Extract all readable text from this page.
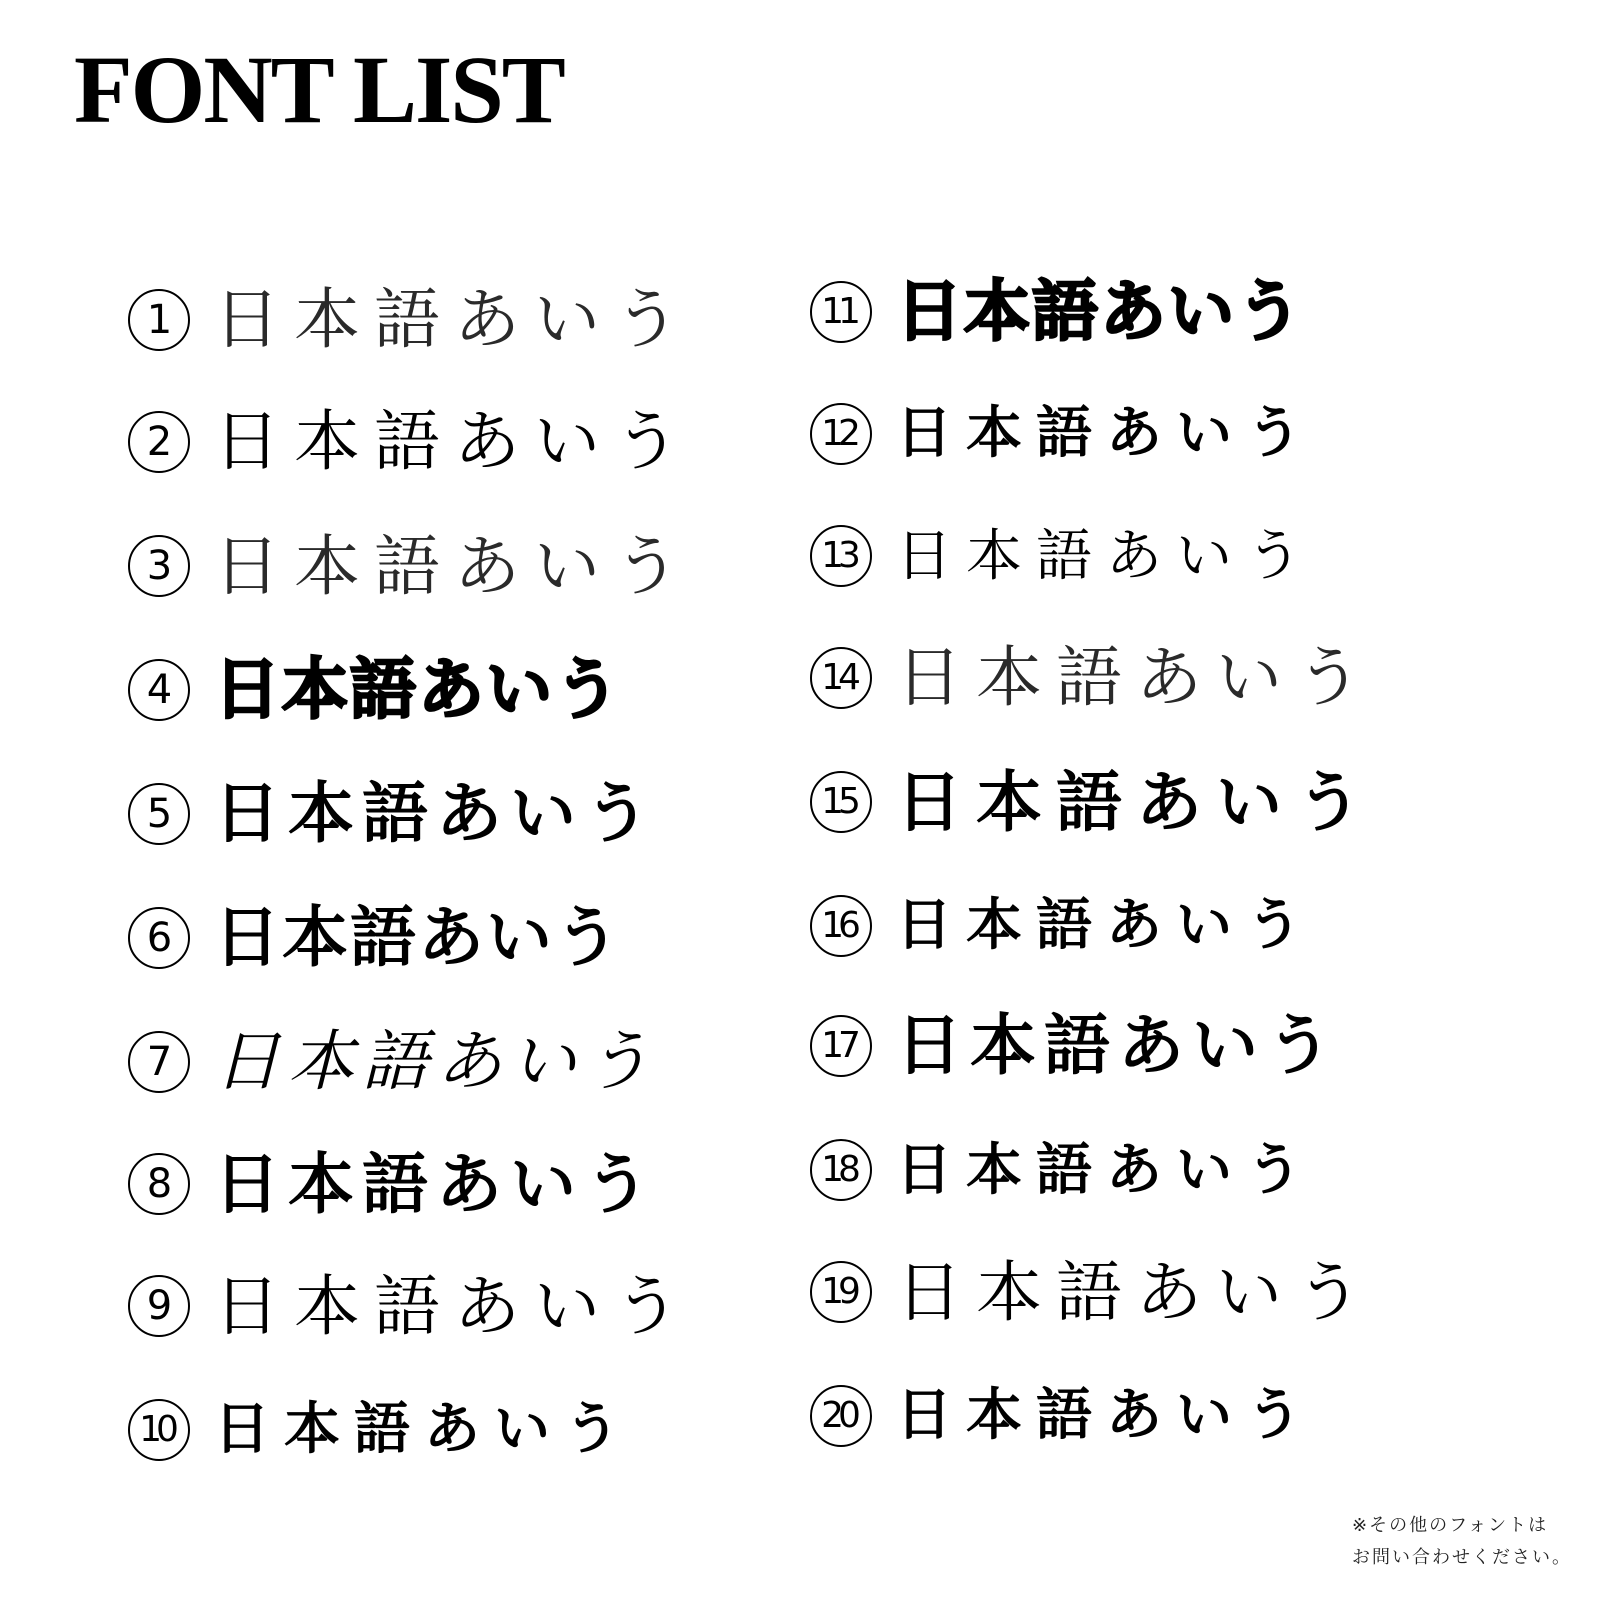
FONT LIST
1 日本語あいう
2 日本語あいう
3 日本語あいう
4 日本語あいう
5 日本語あいう
6 日本語あいう
7 日本語あいう
8 日本語あいう
9 日本語あいう
10 日本語あいう
11 日本語あいう
12 日本語あいう
13 日本語あいう
14 日本語あいう
15 日本語あいう
16 日本語あいう
17 日本語あいう
18 日本語あいう
19 日本語あいう
20 日本語あいう
※その他のフォントは
お問い合わせください。
